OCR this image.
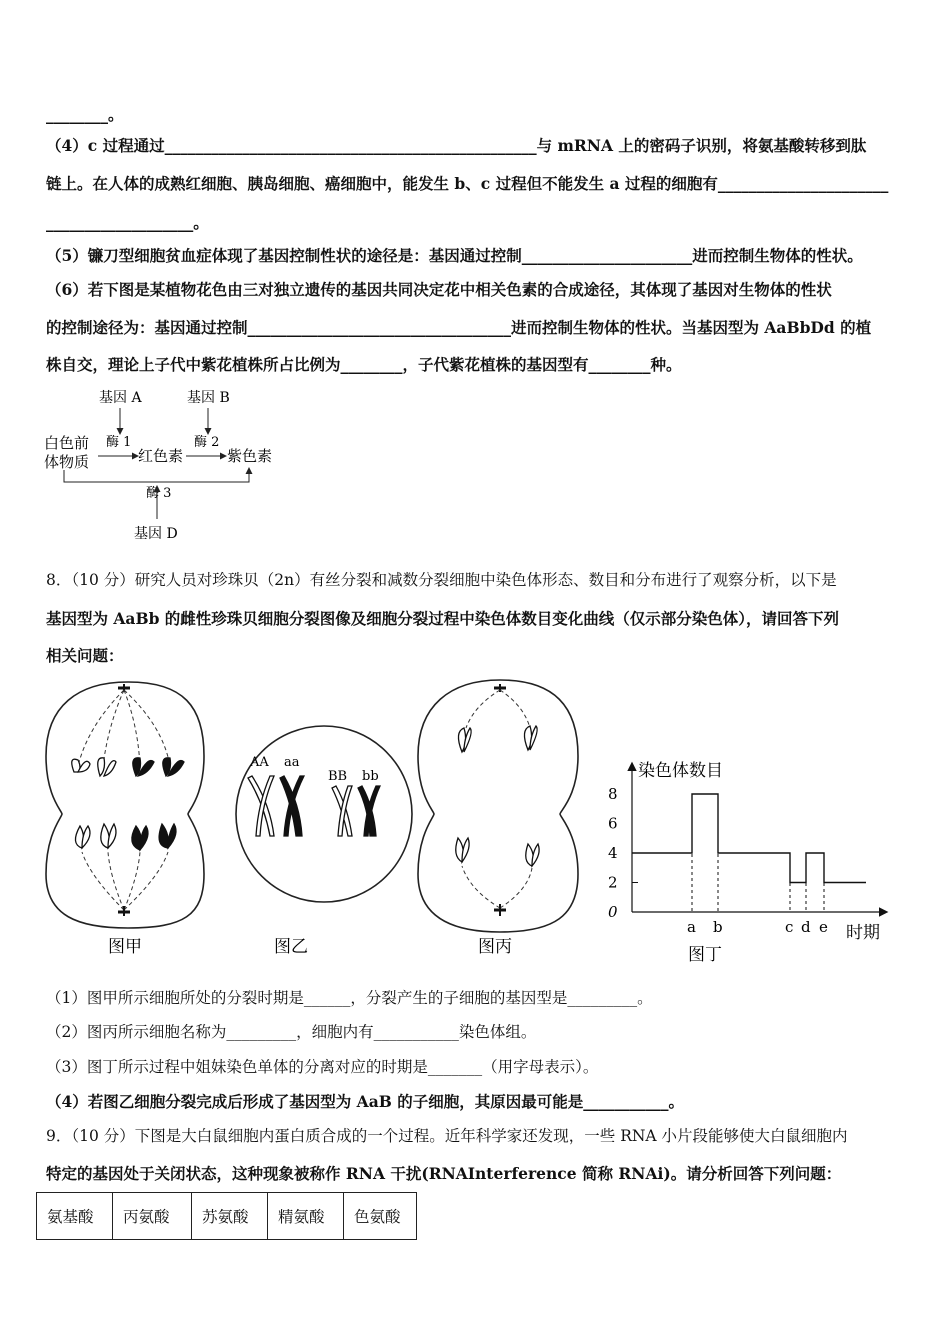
________。
（4）c 过程通过________________________________________________与 mRNA 上的密码子识别，将氨基酸转移到肽
链上。在人体的成熟红细胞、胰岛细胞、癌细胞中，能发生 b、c 过程但不能发生 a 过程的细胞有______________________
___________________。
（5）镰刀型细胞贫血症体现了基因控制性状的途径是：基因通过控制______________________进而控制生物体的性状。
（6）若下图是某植物花色由三对独立遗传的基因共同决定花中相关色素的合成途径，其体现了基因对生物体的性状
的控制途径为：基因通过控制__________________________________进而控制生物体的性状。当基因型为 AaBbDd 的植
株自交，理论上子代中紫花植株所占比例为________，子代紫花植株的基因型有________种。
基因 A	基因 B
白色前
体物质
酶 1
红色素
酶 2
紫色素
酶 3
基因 D
8．（10 分）研究人员对珍珠贝（2n）有丝分裂和减数分裂细胞中染色体形态、数目和分布进行了观察分析，以下是
基因型为 AaBb 的雌性珍珠贝细胞分裂图像及细胞分裂过程中染色体数目变化曲线（仅示部分染色体），请回答下列
相关问题：
图甲
AA aa
BB bb
图乙	图丙
染色体数目
时期
图丁
0
2
4
6
8
a b	c d e
（1）图甲所示细胞所处的分裂时期是______，分裂产生的子细胞的基因型是_________。
（2）图丙所示细胞名称为_________，细胞内有___________染色体组。
（3）图丁所示过程中姐妹染色单体的分离对应的时期是_______（用字母表示）。
（4）若图乙细胞分裂完成后形成了基因型为 AaB 的子细胞，其原因最可能是___________。
9．（10 分）下图是大白鼠细胞内蛋白质合成的一个过程。近年科学家还发现，一些 RNA 小片段能够使大白鼠细胞内
特定的基因处于关闭状态，这种现象被称作 RNA 干扰(RNAInterference 简称 RNAi)。请分析回答下列问题：
氨基酸	丙氨酸	苏氨酸	精氨酸	色氨酸
